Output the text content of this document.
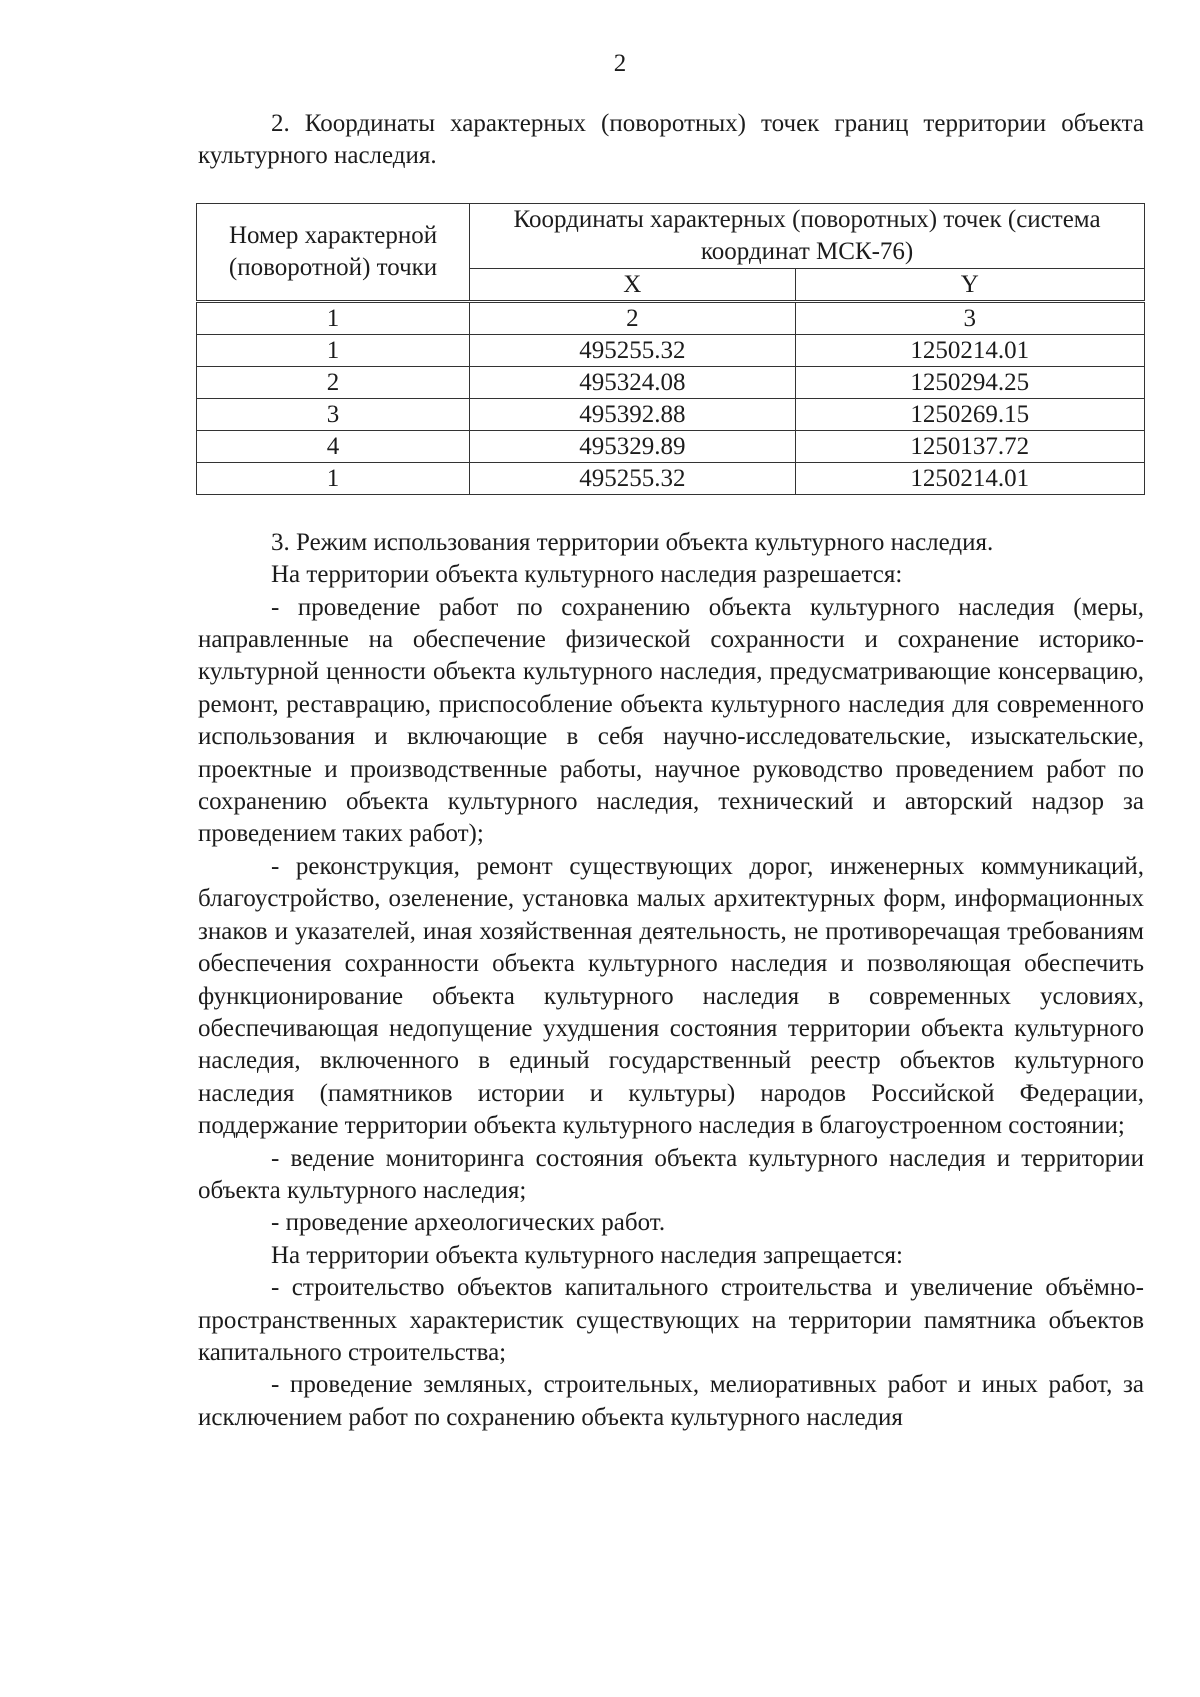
2

2. Координаты характерных (поворотных) точек границ территории объекта культурного наследия.

Номер характерной (поворотной) точки	Координаты характерных (поворотных) точек (система координат МСК-76)	
	X	Y
1	2	3
1	495255.32	1250214.01
2	495324.08	1250294.25
3	495392.88	1250269.15
4	495329.89	1250137.72
1	495255.32	1250214.01

3. Режим использования территории объекта культурного наследия.

На территории объекта культурного наследия разрешается:

- проведение работ по сохранению объекта культурного наследия (меры, направленные на обеспечение физической сохранности и сохранение историко-культурной ценности объекта культурного наследия, предусматривающие консервацию, ремонт, реставрацию, приспособление объекта культурного наследия для современного использования и включающие в себя научно-исследовательские, изыскательские, проектные и производственные работы, научное руководство проведением работ по сохранению объекта культурного наследия, технический и авторский надзор за проведением таких работ);

- реконструкция, ремонт существующих дорог, инженерных коммуникаций, благоустройство, озеленение, установка малых архитектурных форм, информационных знаков и указателей, иная хозяйственная деятельность, не противоречащая требованиям обеспечения сохранности объекта культурного наследия и позволяющая обеспечить функционирование объекта культурного наследия в современных условиях, обеспечивающая недопущение ухудшения состояния территории объекта культурного наследия, включенного в единый государственный реестр объектов культурного наследия (памятников истории и культуры) народов Российской Федерации, поддержание территории объекта культурного наследия в благоустроенном состоянии;

- ведение мониторинга состояния объекта культурного наследия и территории объекта культурного наследия;

- проведение археологических работ.

На территории объекта культурного наследия запрещается:

- строительство объектов капитального строительства и увеличение объёмно-пространственных характеристик существующих на территории памятника объектов капитального строительства;

- проведение земляных, строительных, мелиоративных работ и иных работ, за исключением работ по сохранению объекта культурного наследия
